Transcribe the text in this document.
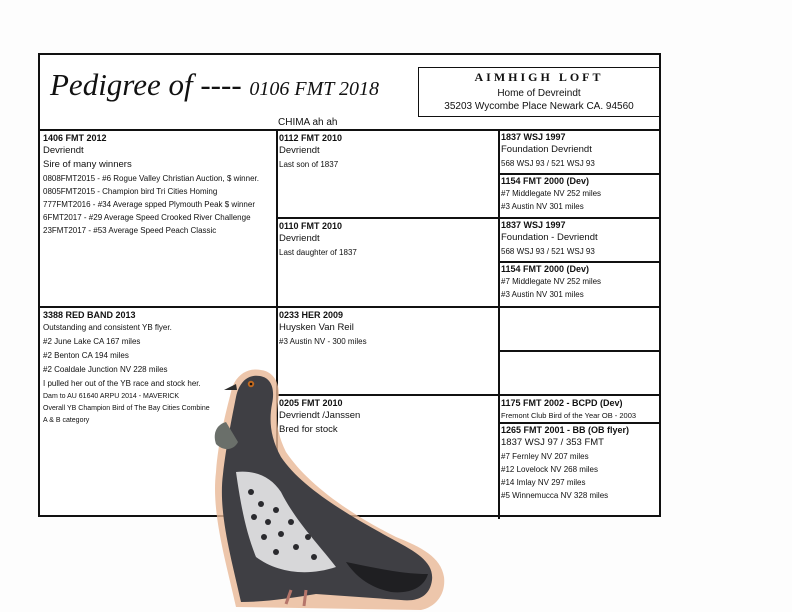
Pedigree of ---- 0106 FMT 2018
AIMHIGH LOFT
Home of Devreindt
35203 Wycombe Place Newark CA. 94560
CHIMA ah ah
1406 FMT 2012
Devriendt
Sire of many winners
0808FMT2015 - #6 Rogue Valley Christian Auction, $ winner.
0805FMT2015 - Champion bird Tri Cities Homing
777FMT2016 - #34 Average spped Plymouth Peak $ winner
6FMT2017 - #29 Average Speed Crooked River Challenge
23FMT2017 - #53 Average Speed Peach Classic
0112 FMT 2010
Devriendt
Last son of 1837
0110 FMT 2010
Devriendt
Last daughter of 1837
1837 WSJ 1997
Foundation Devriendt
568 WSJ 93 / 521 WSJ 93
1154 FMT 2000 (Dev)
#7 Middlegate NV 252 miles
#3 Austin NV 301 miles
1837 WSJ 1997
Foundation - Devriendt
568 WSJ 93 / 521 WSJ 93
1154 FMT 2000 (Dev)
#7 Middlegate NV 252 miles
#3 Austin NV 301 miles
3388 RED BAND 2013
Outstanding and consistent YB flyer.
#2 June Lake CA 167 miles
#2 Benton CA 194 miles
#2 Coaldale Junction NV 228 miles
I pulled her out of the YB race and stock her.
Dam to AU 61640 ARPU 2014 - MAVERICK
Overall YB Champion Bird of The Bay Cities Combine
A & B category
0233 HER 2009
Huysken Van Reil
#3 Austin NV - 300 miles
0205 FMT 2010
Devriendt /Janssen
Bred for stock
1175 FMT 2002 - BCPD (Dev)
Fremont Club Bird of the Year OB - 2003
1265 FMT 2001 - BB (OB flyer)
1837 WSJ 97 / 353 FMT
#7 Fernley NV 207 miles
#12 Lovelock NV 268 miles
#14 Imlay NV 297 miles
#5 Winnemucca NV 328 miles
